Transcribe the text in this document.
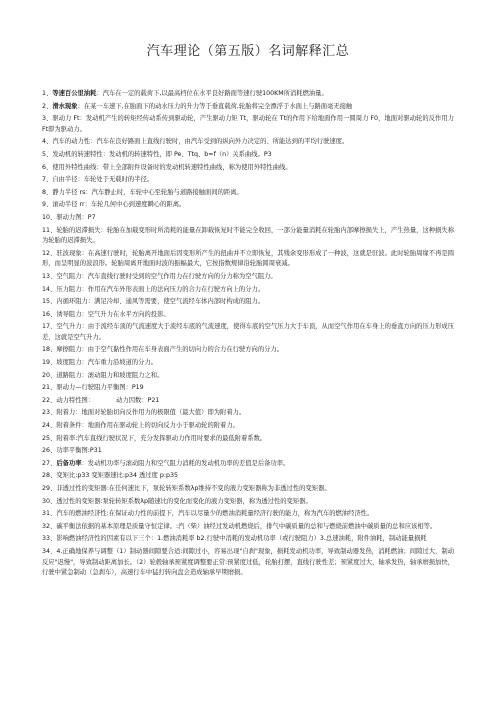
汽车理论（第五版）名词解释汇总

1、等速百公里油耗：汽车在一定的载荷下,以最高档位在水平良好路面等速行驶100KM所消耗燃油量。

2、滑水现象：在某一车速下,在胎面下的动水压力的升力等于垂直载荷,轮胎将完全漂浮于水面上与路面毫无接触

3、驱动力 Ft：发动机产生的转矩经传动系传到驱动轮，产生驱动力矩 Tt，驱动轮在 Tt的作用下给地面作用一圆周力 F0，地面对驱动轮的反作用力 Ft即为驱动力。

4、汽车的动力性：汽车在良好路面上直线行驶时，由汽车受到的纵向外力决定的、所能达到的平均行驶速度。

5、发动机的转速特性：发动机的转速特性，即 Pe、Ttq、b=f（n）关系曲线。P3

6、使用外特性曲线：带上全部附件设备时的发动机转速特性曲线，称为使用外特性曲线。

7、自由半径：车轮处于无载时的半径。

8、静力半径 rs：汽车静止时，车轮中心至轮胎与道路接触面间的距离。

9、滚动半径 rr：车轮几何中心到速度瞬心的距离。

10、驱动力图：P7

11、轮胎的迟滞损失：轮胎在加载变形时所消耗的能量在卸载恢复时不能完全收回，一部分能量消耗在轮胎内部摩擦损失上，产生热量，这种损失称为轮胎的迟滞损失。

12、驻波现象：在高速行驶时，轮胎离开地面后因变形所产生的扭曲并不立即恢复，其残余变形形成了一种波，这就是驻波。此时轮胎周缘不再是圆形，而呈明显的波浪形。轮胎周离开地面时波的振幅最大，它按指数规律沿轮胎圆周衰减。

13、空气阻力：汽车直线行驶时受到的空气作用力在行驶方向的分力称为空气阻力。

14、压力阻力：作用在汽车外形表面上的法向压力的合力在行驶方向上的分力。

15、内循环阻力：满足冷却、通风等需要，使空气流经车体内部时构成的阻力。

16、诱导阻力：空气升力在水平方向的投影。

17、空气升力：由于流经车顶的气流速度大于流经车底的气流速度，使得车底的空气压力大于车顶，从而空气作用在车身上的垂直方向的压力形成压差，这就是空气升力。

18、摩擦阻力：由于空气黏性作用在车身表面产生的切向力的合力在行驶方向的分力。

19、坡度阻力：汽车重力沿坡道的分力。

20、道路阻力：滚动阻力和坡度阻力之和。

21、驱动力—行驶阻力平衡图：P19

22、动力特性图：　　　　动力因数：P21

23、附着力：地面对轮胎切向反作用力的极限值（最大值）即为附着力。

24、附着条件：地面作用在驱动轮上的切向反力小于驱动轮的附着力。

25、附着率:汽车直线行驶状况下，充分发挥驱动力作用时要求的最低附着系数。

26、功率平衡图:P31

27、后备功率：发动机功率与滚动阻力和空气阻力消耗的发动机功率的差值是后备功率。

28、变矩比:p33 变矩器速比:p34 透过度 p:p35

29、非透过性的变矩器:在任何速比下，泵轮转矩系数λp维持不变的液力变矩器称为非透过性的变矩器。

30、透过性的变矩器:泵轮转矩系数λp随速比的变化而变化的液力变矩器，称为透过性的变矩器。

31、汽车的燃油经济性:在保证动力性的前提下，汽车以尽量少的燃油消耗量经济行驶的能力，称为汽车的燃油经济性。

32、碳平衡法依据的基本原理是质量守恒定律。:汽（柴）油经过发动机燃烧后，排气中碳质量的总和与燃烧前燃油中碳质量的总和应该相等。

33、影响燃油经济性的因素有以下三个：1.燃油消耗率 b2.行驶中消耗的发动机功率（或行驶阻力）3.总速油耗，附件油耗，制动能量损耗

34、4.正确地保养与调整（1）制动器间隙要合适:间隙过小，容易出现"自刹"现象，损耗发动机功率，导致制动器发热，消耗燃油；间隙过大，制动反应"迟慢"，导致制动距离加长。（2）轮毂轴承预紧度调整要正常:预紧度过低，轮胎打摆，直线行驶性差；预紧度过大，轴承发热，轴承磨损加快，行驶中紧急制动（急刹车），高速行车中猛打转向盘会造成轴承早期磨损。
